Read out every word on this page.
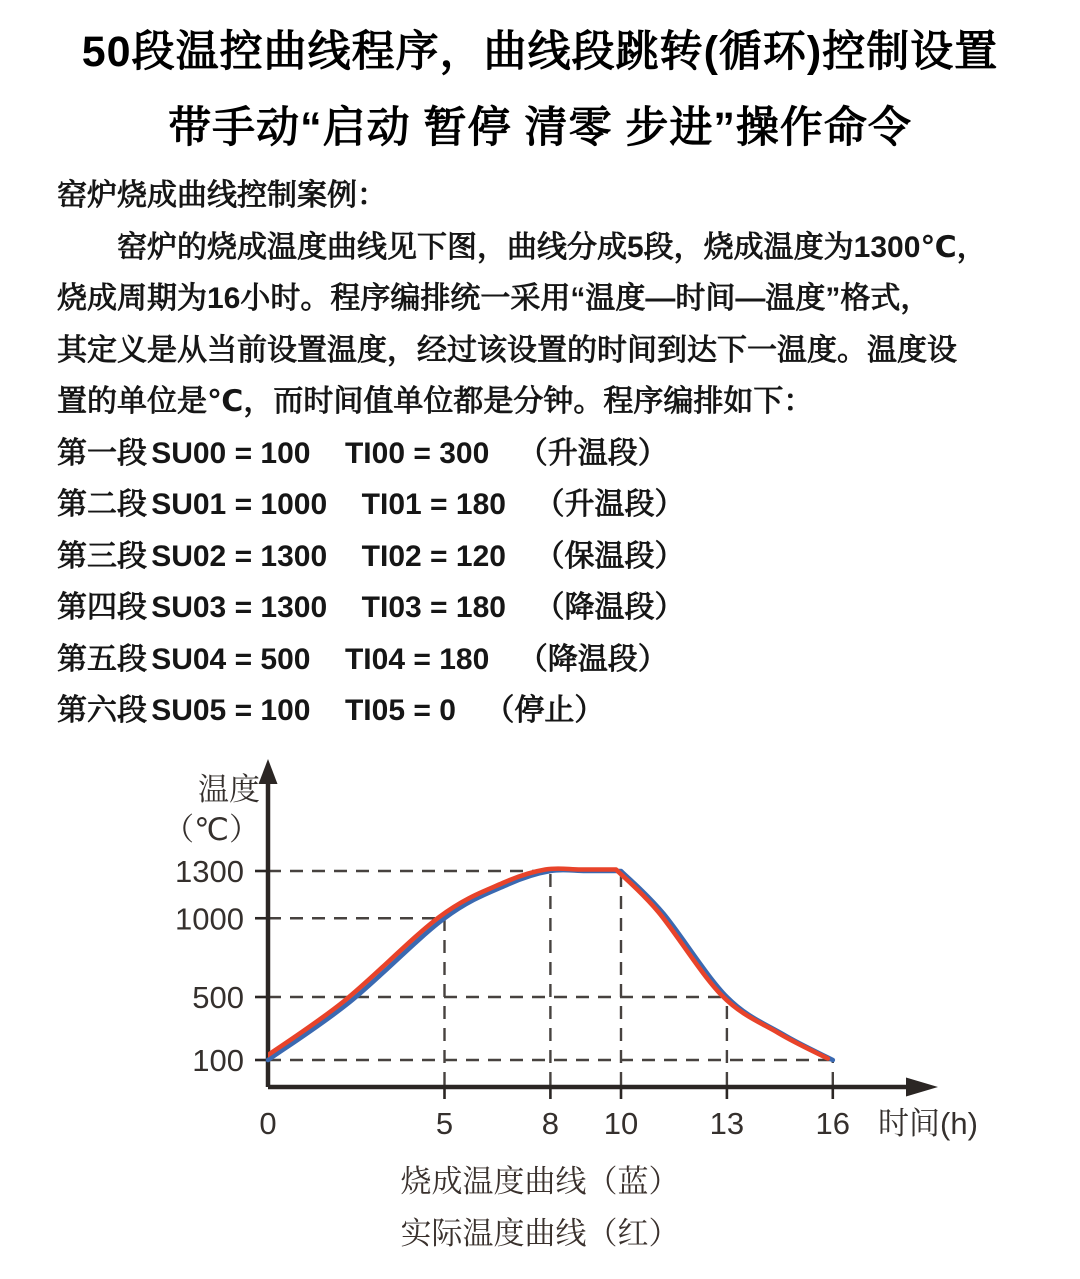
50段温控曲线程序，曲线段跳转(循环)控制设置
带手动“启动 暂停 清零 步进”操作命令
窑炉烧成曲线控制案例：
窑炉的烧成温度曲线见下图，曲线分成5段，烧成温度为1300℃，
烧成周期为16小时。程序编排统一采用“温度—时间—温度”格式，
其定义是从当前设置温度，经过该设置的时间到达下一温度。温度设
置的单位是℃，而时间值单位都是分钟。程序编排如下：
第一段 SU00 = 100 TI00 = 300 （升温段）
第二段 SU01 = 1000 TI01 = 180 （升温段）
第三段 SU02 = 1300 TI02 = 120 （保温段）
第四段 SU03 = 1300 TI03 = 180 （降温段）
第五段 SU04 = 500 TI04 = 180 （降温段）
第六段 SU05 = 100 TI05 = 0 （停止）
1300
1000
500
100
0	5	8 10 13 16
温度
（℃）
时间(h)
烧成温度曲线（蓝）
实际温度曲线（红）
